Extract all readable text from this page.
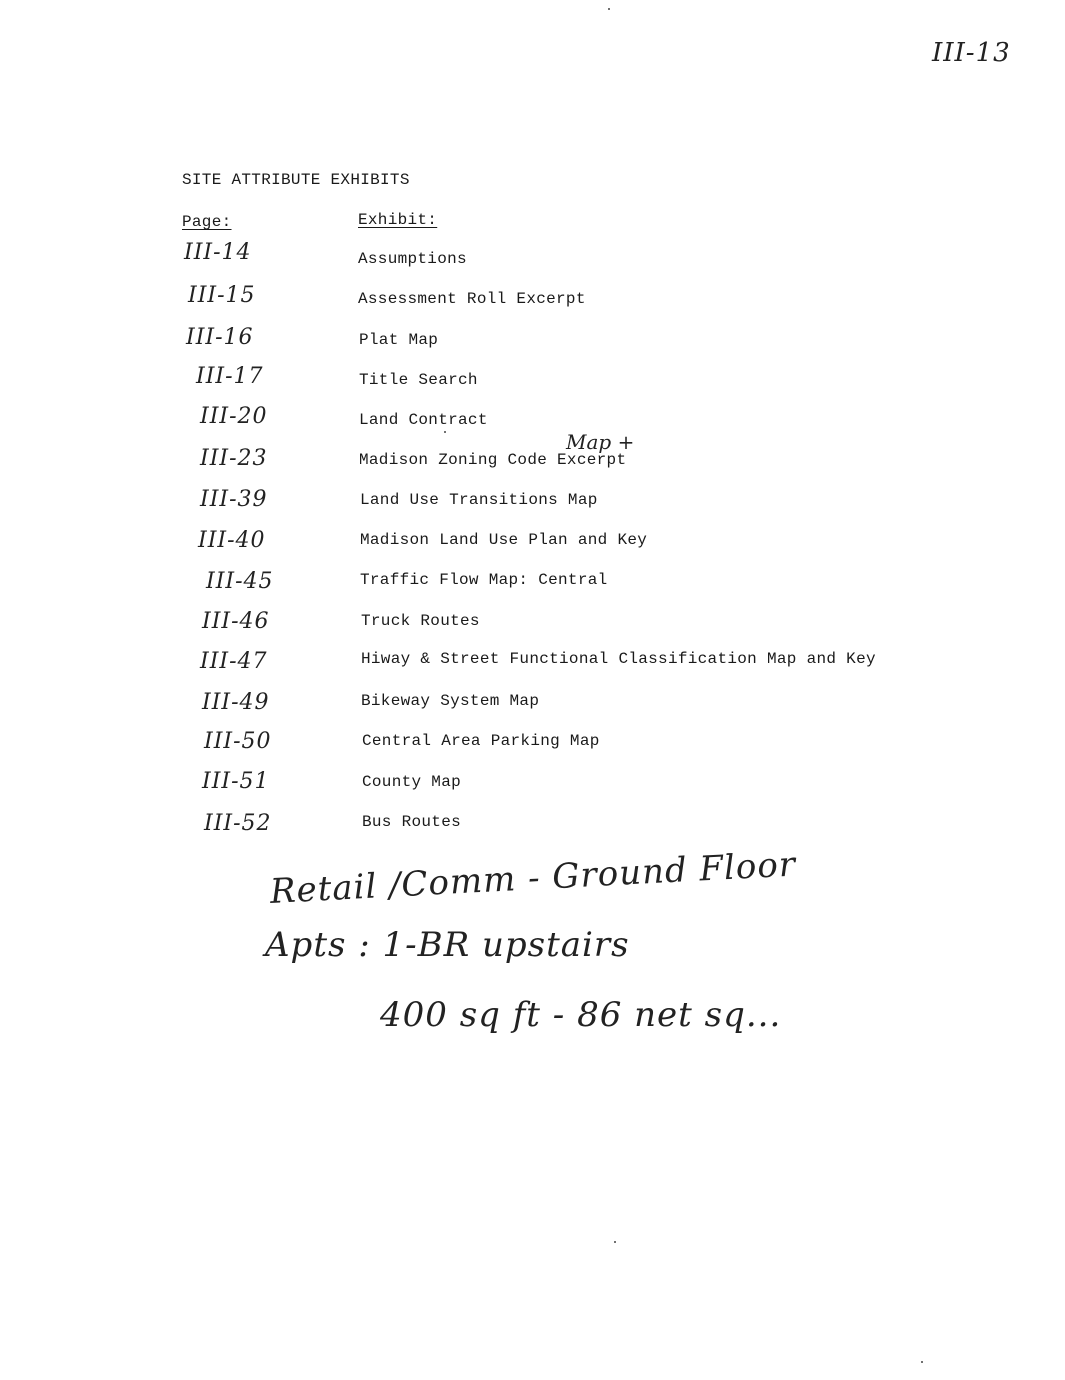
III-13
SITE ATTRIBUTE EXHIBITS
Page:	Exhibit:
III-14	Assumptions
III-15	Assessment Roll Excerpt
III-16	Plat Map
III-17	Title Search
III-20	Land Contract
III-23	Madison Zoning Code Excerpt
III-39	Land Use Transitions Map
III-40	Madison Land Use Plan and Key
III-45	Traffic Flow Map: Central
III-46	Truck Routes
III-47	Hiway & Street Functional Classification Map and Key
III-49	Bikeway System Map
III-50	Central Area Parking Map
III-51	County Map
III-52	Bus Routes
Map +
Retail /Comm - Ground Floor
Apts : 1-BR upstairs
400 sq ft - 86 net sq...
